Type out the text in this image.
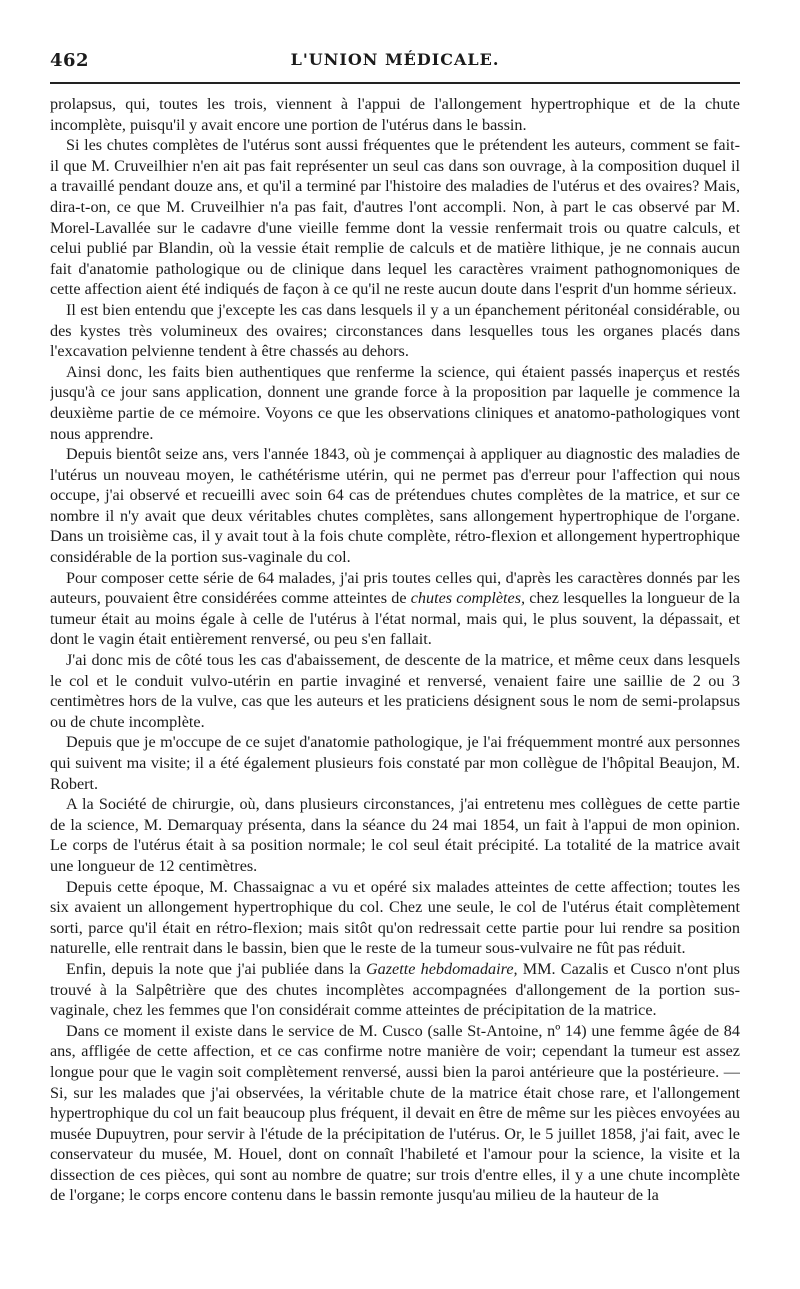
462	L'UNION MÉDICALE.

prolapsus, qui, toutes les trois, viennent à l'appui de l'allongement hypertrophique et de la chute incomplète, puisqu'il y avait encore une portion de l'utérus dans le bassin.

Si les chutes complètes de l'utérus sont aussi fréquentes que le prétendent les auteurs, comment se fait-il que M. Cruveilhier n'en ait pas fait représenter un seul cas dans son ouvrage, à la composition duquel il a travaillé pendant douze ans, et qu'il a terminé par l'histoire des maladies de l'utérus et des ovaires? Mais, dira-t-on, ce que M. Cruveilhier n'a pas fait, d'autres l'ont accompli. Non, à part le cas observé par M. Morel-Lavallée sur le cadavre d'une vieille femme dont la vessie renfermait trois ou quatre calculs, et celui publié par Blandin, où la vessie était remplie de calculs et de matière lithique, je ne connais aucun fait d'anatomie pathologique ou de clinique dans lequel les caractères vraiment pathognomoniques de cette affection aient été indiqués de façon à ce qu'il ne reste aucun doute dans l'esprit d'un homme sérieux.

Il est bien entendu que j'excepte les cas dans lesquels il y a un épanchement péritonéal considérable, ou des kystes très volumineux des ovaires; circonstances dans lesquelles tous les organes placés dans l'excavation pelvienne tendent à être chassés au dehors.

Ainsi donc, les faits bien authentiques que renferme la science, qui étaient passés inaperçus et restés jusqu'à ce jour sans application, donnent une grande force à la proposition par laquelle je commence la deuxième partie de ce mémoire. Voyons ce que les observations cliniques et anatomo-pathologiques vont nous apprendre.

Depuis bientôt seize ans, vers l'année 1843, où je commençai à appliquer au diagnostic des maladies de l'utérus un nouveau moyen, le cathétérisme utérin, qui ne permet pas d'erreur pour l'affection qui nous occupe, j'ai observé et recueilli avec soin 64 cas de prétendues chutes complètes de la matrice, et sur ce nombre il n'y avait que deux véritables chutes complètes, sans allongement hypertrophique de l'organe. Dans un troisième cas, il y avait tout à la fois chute complète, rétro-flexion et allongement hypertrophique considérable de la portion sus-vaginale du col.

Pour composer cette série de 64 malades, j'ai pris toutes celles qui, d'après les caractères donnés par les auteurs, pouvaient être considérées comme atteintes de chutes complètes, chez lesquelles la longueur de la tumeur était au moins égale à celle de l'utérus à l'état normal, mais qui, le plus souvent, la dépassait, et dont le vagin était entièrement renversé, ou peu s'en fallait.

J'ai donc mis de côté tous les cas d'abaissement, de descente de la matrice, et même ceux dans lesquels le col et le conduit vulvo-utérin en partie invaginé et renversé, venaient faire une saillie de 2 ou 3 centimètres hors de la vulve, cas que les auteurs et les praticiens désignent sous le nom de semi-prolapsus ou de chute incomplète.

Depuis que je m'occupe de ce sujet d'anatomie pathologique, je l'ai fréquemment montré aux personnes qui suivent ma visite; il a été également plusieurs fois constaté par mon collègue de l'hôpital Beaujon, M. Robert.

A la Société de chirurgie, où, dans plusieurs circonstances, j'ai entretenu mes collègues de cette partie de la science, M. Demarquay présenta, dans la séance du 24 mai 1854, un fait à l'appui de mon opinion. Le corps de l'utérus était à sa position normale; le col seul était précipité. La totalité de la matrice avait une longueur de 12 centimètres.

Depuis cette époque, M. Chassaignac a vu et opéré six malades atteintes de cette affection; toutes les six avaient un allongement hypertrophique du col. Chez une seule, le col de l'utérus était complètement sorti, parce qu'il était en rétro-flexion; mais sitôt qu'on redressait cette partie pour lui rendre sa position naturelle, elle rentrait dans le bassin, bien que le reste de la tumeur sous-vulvaire ne fût pas réduit.

Enfin, depuis la note que j'ai publiée dans la Gazette hebdomadaire, MM. Cazalis et Cusco n'ont plus trouvé à la Salpêtrière que des chutes incomplètes accompagnées d'allongement de la portion sus-vaginale, chez les femmes que l'on considérait comme atteintes de précipitation de la matrice.

Dans ce moment il existe dans le service de M. Cusco (salle St-Antoine, nº 14) une femme âgée de 84 ans, affligée de cette affection, et ce cas confirme notre manière de voir; cependant la tumeur est assez longue pour que le vagin soit complètement renversé, aussi bien la paroi antérieure que la postérieure. — Si, sur les malades que j'ai observées, la véritable chute de la matrice était chose rare, et l'allongement hypertrophique du col un fait beaucoup plus fréquent, il devait en être de même sur les pièces envoyées au musée Dupuytren, pour servir à l'étude de la précipitation de l'utérus. Or, le 5 juillet 1858, j'ai fait, avec le conservateur du musée, M. Houel, dont on connaît l'habileté et l'amour pour la science, la visite et la dissection de ces pièces, qui sont au nombre de quatre; sur trois d'entre elles, il y a une chute incomplète de l'organe; le corps encore contenu dans le bassin remonte jusqu'au milieu de la hauteur de la
